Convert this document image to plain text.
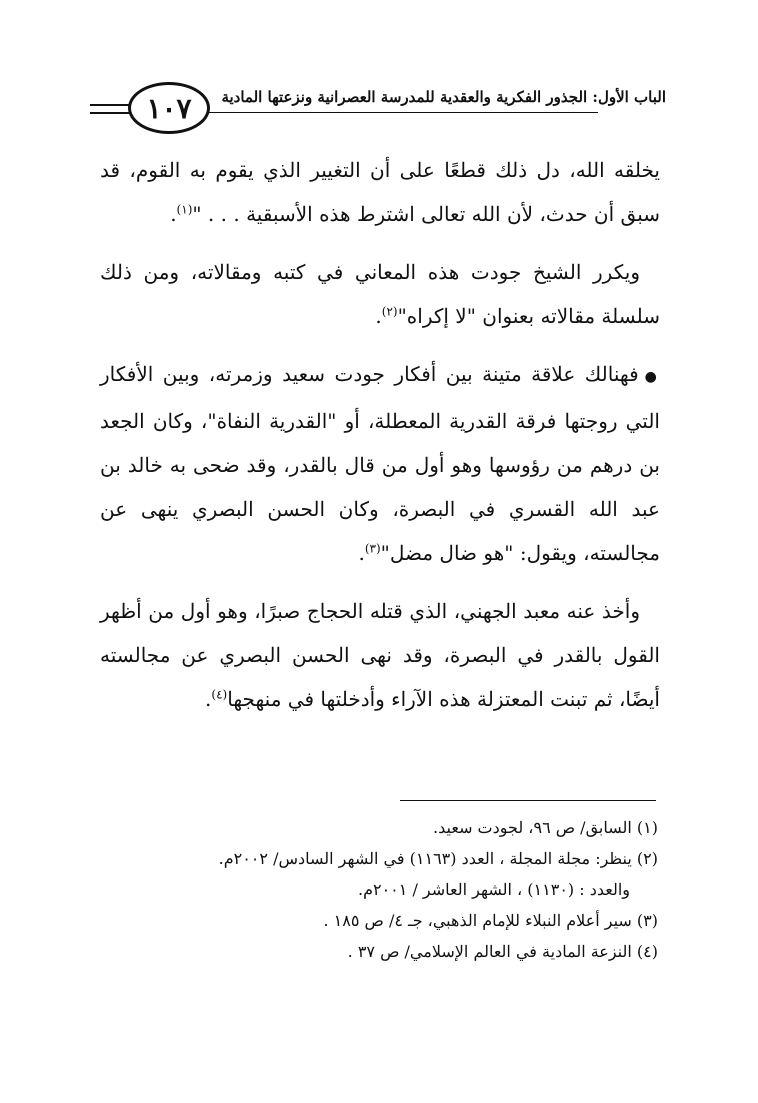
الباب الأول: الجذور الفكرية والعقدية للمدرسة العصرانية ونزعتها المادية
١٠٧

يخلقه الله، دل ذلك قطعًا على أن التغيير الذي يقوم به القوم، قد سبق أن حدث، لأن الله تعالى اشترط هذه الأسبقية . . . "$^{(١)}$.

ويكرر الشيخ جودت هذه المعاني في كتبه ومقالاته، ومن ذلك سلسلة مقالاته بعنوان "لا إكراه"$^{(٢)}$.

●فهنالك علاقة متينة بين أفكار جودت سعيد وزمرته، وبين الأفكار التي روجتها فرقة القدرية المعطلة، أو "القدرية النفاة"، وكان الجعد بن درهم من رؤوسها وهو أول من قال بالقدر، وقد ضحى به خالد بن عبد الله القسري في البصرة، وكان الحسن البصري ينهى عن مجالسته، ويقول: "هو ضال مضل"$^{(٣)}$.

وأخذ عنه معبد الجهني، الذي قتله الحجاج صبرًا، وهو أول من أظهر القول بالقدر في البصرة، وقد نهى الحسن البصري عن مجالسته أيضًا، ثم تبنت المعتزلة هذه الآراء وأدخلتها في منهجها$^{(٤)}$.

(١) السابق/ ص ٩٦، لجودت سعيد.

(٢) ينظر: مجلة المجلة ، العدد (١١٦٣) في الشهر السادس/ ٢٠٠٢م.

والعدد : (١١٣٠) ، الشهر العاشر / ٢٠٠١م.

(٣) سير أعلام النبلاء للإمام الذهبي، جـ ٤/ ص ١٨٥ .

(٤) النزعة المادية في العالم الإسلامي/ ص ٣٧ .
